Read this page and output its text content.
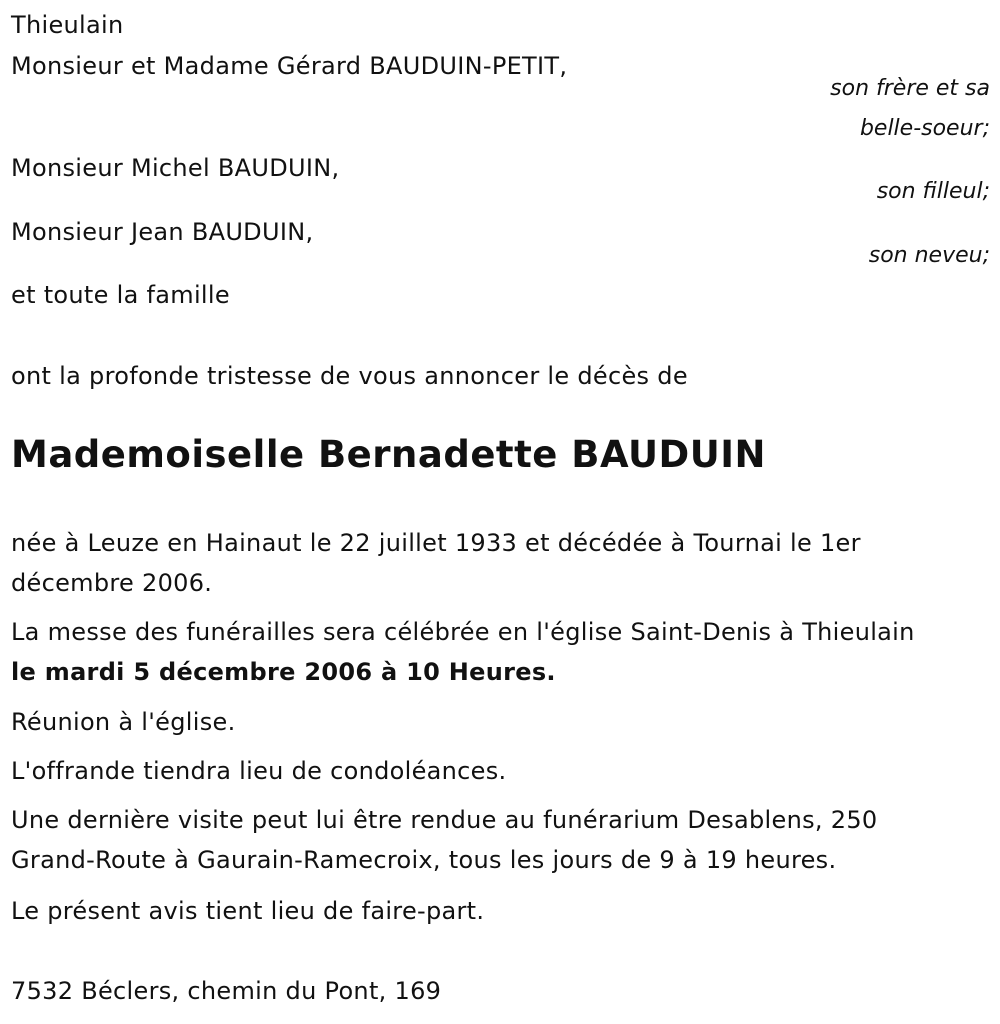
Thieulain
Monsieur et Madame Gérard BAUDUIN-PETIT,
son frère et sa
belle-soeur;
Monsieur Michel BAUDUIN,
son filleul;
Monsieur Jean BAUDUIN,
son neveu;
et toute la famille
ont la profonde tristesse de vous annoncer le décès de
Mademoiselle Bernadette BAUDUIN
née à Leuze en Hainaut le 22 juillet 1933 et décédée à Tournai le 1er
décembre 2006.
La messe des funérailles sera célébrée en l'église Saint-Denis à Thieulain
le mardi 5 décembre 2006 à 10 Heures.
Réunion à l'église.
L'offrande tiendra lieu de condoléances.
Une dernière visite peut lui être rendue au funérarium Desablens, 250
Grand-Route à Gaurain-Ramecroix, tous les jours de 9 à 19 heures.
Le présent avis tient lieu de faire-part.
7532 Béclers, chemin du Pont, 169
